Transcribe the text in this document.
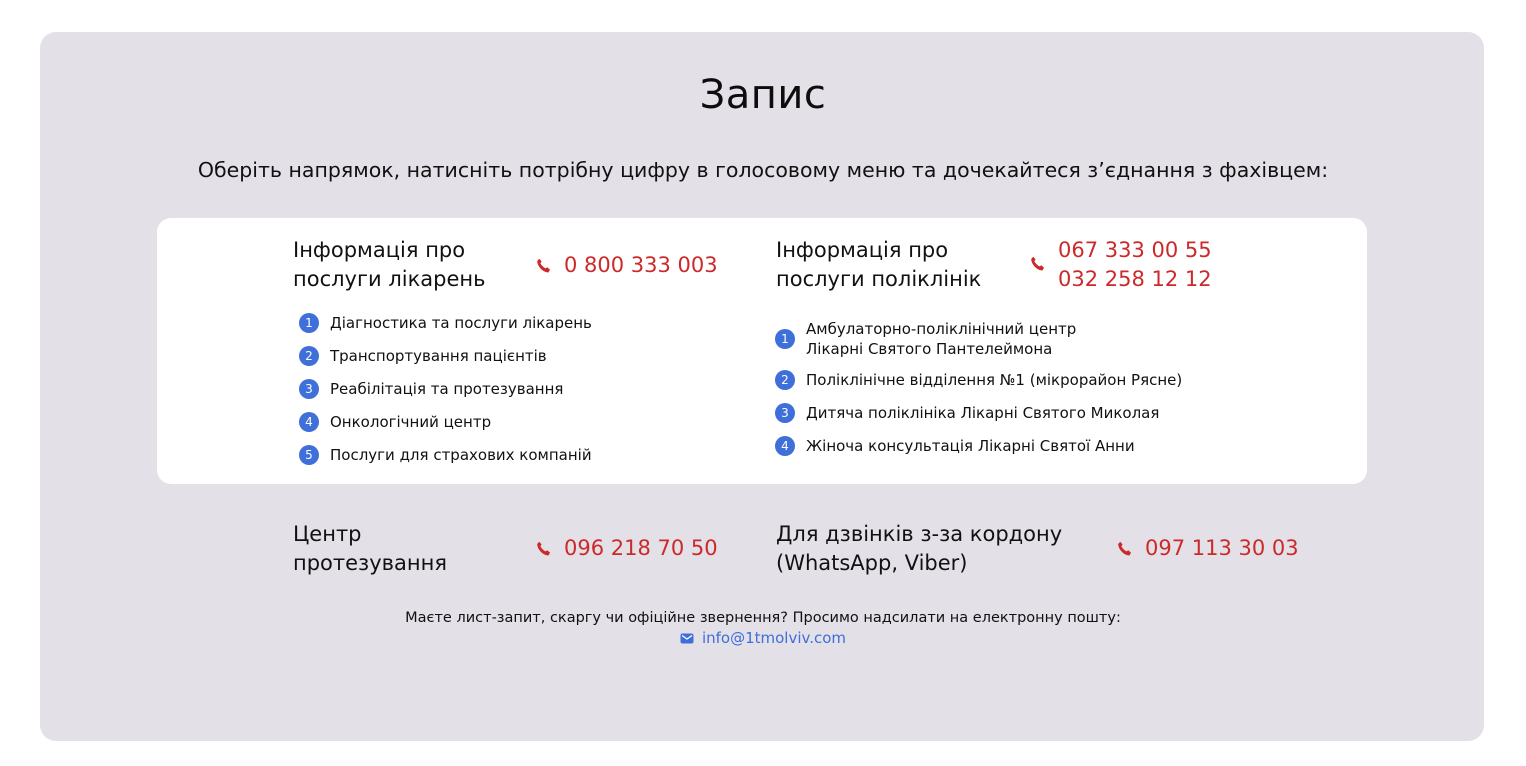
Запис
Оберіть напрямок, натисніть потрібну цифру в голосовому меню та дочекайтеся з’єднання з фахівцем:
Інформація про
послуги лікарень
0 800 333 003
1	Діагностика та послуги лікарень
2	Транспортування пацієнтів
3	Реабілітація та протезування
4	Онкологічний центр
5	Послуги для страхових компаній
Інформація про
послуги поліклінік
067 333 00 55
032 258 12 12
1
Амбулаторно-поліклінічний центр
Лікарні Святого Пантелеймона
2	Поліклінічне відділення №1 (мікрорайон Рясне)
3	Дитяча поліклініка Лікарні Святого Миколая
4	Жіноча консультація Лікарні Святої Анни
Центр
протезування
096 218 70 50
Для дзвінків з-за кордону
(WhatsApp, Viber)
097 113 30 03
Маєте лист-запит, скаргу чи офіційне звернення? Просимо надсилати на електронну пошту:
info@1tmolviv.com
